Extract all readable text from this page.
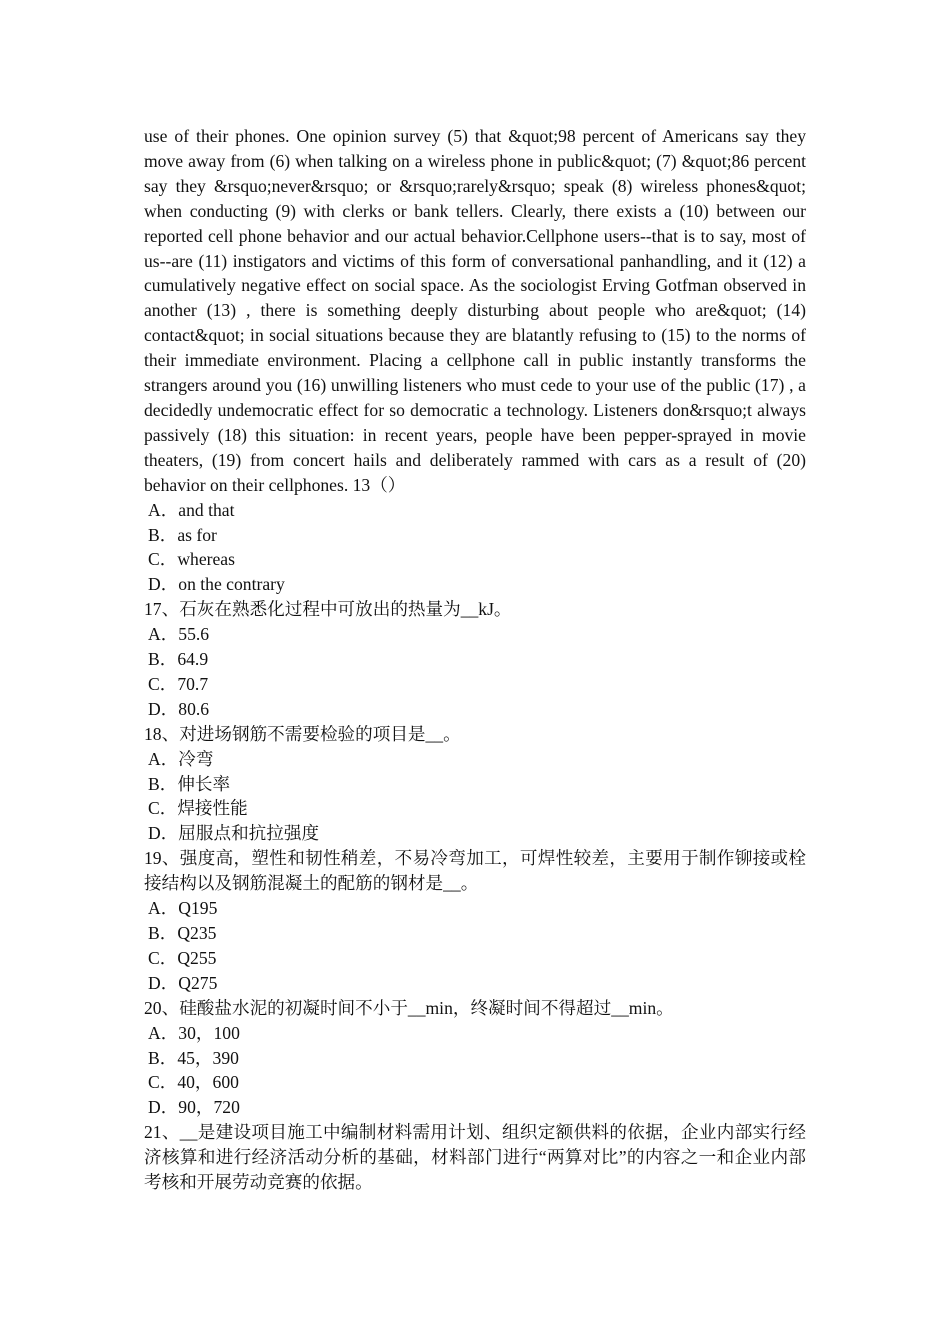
use of their phones. One opinion survey (5) that &quot;98 percent of Americans say they move away from (6) when talking on a wireless phone in public&quot; (7) &quot;86 percent say they &rsquo;never&rsquo; or &rsquo;rarely&rsquo; speak (8) wireless phones&quot; when conducting (9) with clerks or bank tellers. Clearly, there exists a (10) between our reported cell phone behavior and our actual behavior.Cellphone users--that is to say, most of us--are (11) instigators and victims of this form of conversational panhandling, and it (12) a cumulatively negative effect on social space. As the sociologist Erving Gotfman observed in another (13) , there is something deeply disturbing about people who are&quot; (14) contact&quot; in social situations because they are blatantly refusing to (15) to the norms of their immediate environment. Placing a cellphone call in public instantly transforms the strangers around you (16) unwilling listeners who must cede to your use of the public (17) , a decidedly undemocratic effect for so democratic a technology. Listeners don&rsquo;t always passively (18) this situation: in recent years, people have been pepper-sprayed in movie theaters, (19) from concert hails and deliberately rammed with cars as a result of (20) behavior on their cellphones. 13（）

A．and that
B．as for
C．whereas
D．on the contrary

17、石灰在熟悉化过程中可放出的热量为__kJ。

A．55.6
B．64.9
C．70.7
D．80.6

18、对进场钢筋不需要检验的项目是__。

A．冷弯
B．伸长率
C．焊接性能
D．屈服点和抗拉强度

19、强度高，塑性和韧性稍差，不易冷弯加工，可焊性较差，主要用于制作铆接或栓接结构以及钢筋混凝土的配筋的钢材是__。

A．Q195
B．Q235
C．Q255
D．Q275

20、硅酸盐水泥的初凝时间不小于__min，终凝时间不得超过__min。

A．30，100
B．45，390
C．40，600
D．90，720

21、__是建设项目施工中编制材料需用计划、组织定额供料的依据，企业内部实行经济核算和进行经济活动分析的基础，材料部门进行“两算对比”的内容之一和企业内部考核和开展劳动竞赛的依据。
